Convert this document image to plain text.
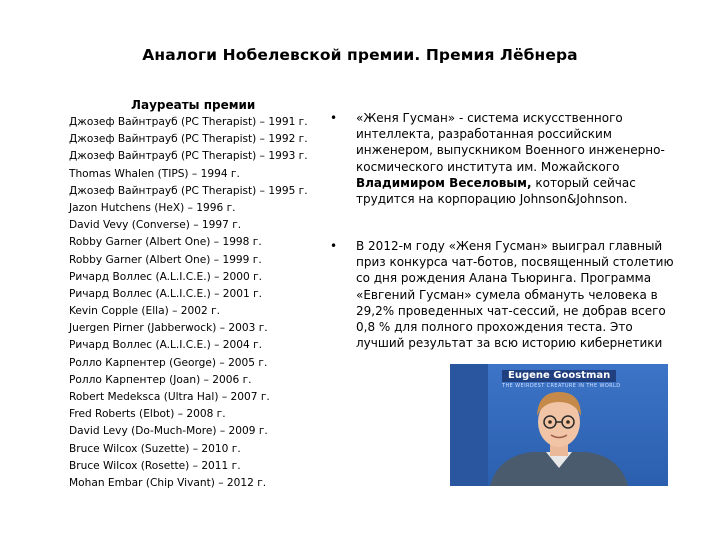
Аналоги Нобелевской премии. Премия Лёбнера
Лауреаты премии
Джозеф Вайнтрауб (PC Therapist) – 1991 г.
Джозеф Вайнтрауб (PC Therapist) – 1992 г.
Джозеф Вайнтрауб (PC Therapist) – 1993 г.
Thomas Whalen (TIPS) – 1994 г.
Джозеф Вайнтрауб (PC Therapist) – 1995 г.
Jazon Hutchens (HeX) – 1996 г.
David Vevy (Converse) – 1997 г.
Robby Garner (Albert One) – 1998 г.
Robby Garner (Albert One) – 1999 г.
Ричард Воллес (A.L.I.C.E.) – 2000 г.
Ричард Воллес (A.L.I.C.E.) – 2001 г.
Kevin Copple (Ella) – 2002 г.
Juergen Pirner (Jabberwock) – 2003 г.
Ричард Воллес (A.L.I.C.E.) – 2004 г.
Ролло Карпентер (George) – 2005 г.
Ролло Карпентер (Joan) – 2006 г.
Robert Medeksca (Ultra Hal) – 2007 г.
Fred Roberts (Elbot) – 2008 г.
David Levy (Do-Much-More) – 2009 г.
Bruce Wilcox (Suzette) – 2010 г.
Bruce Wilcox (Rosette) – 2011 г.
Mohan Embar (Chip Vivant) – 2012 г.
• «Женя Гусман» - система искусственного интеллекта, разработанная российским инженером, выпускником Военного инженерно-космического института им. Можайского Владимиром Веселовым, который сейчас трудится на корпорацию Johnson&Johnson.
• В 2012-м году «Женя Гусман» выиграл главный приз конкурса чат-ботов, посвященный столетию со дня рождения Алана Тьюринга. Программа «Евгений Гусман» сумела обмануть человека в 29,2% проведенных чат-сессий, не добрав всего 0,8 % для полного прохождения теста. Это лучший результат за всю историю кибернетики
Eugene Goostman
THE WEIRDEST CREATURE IN THE WORLD
